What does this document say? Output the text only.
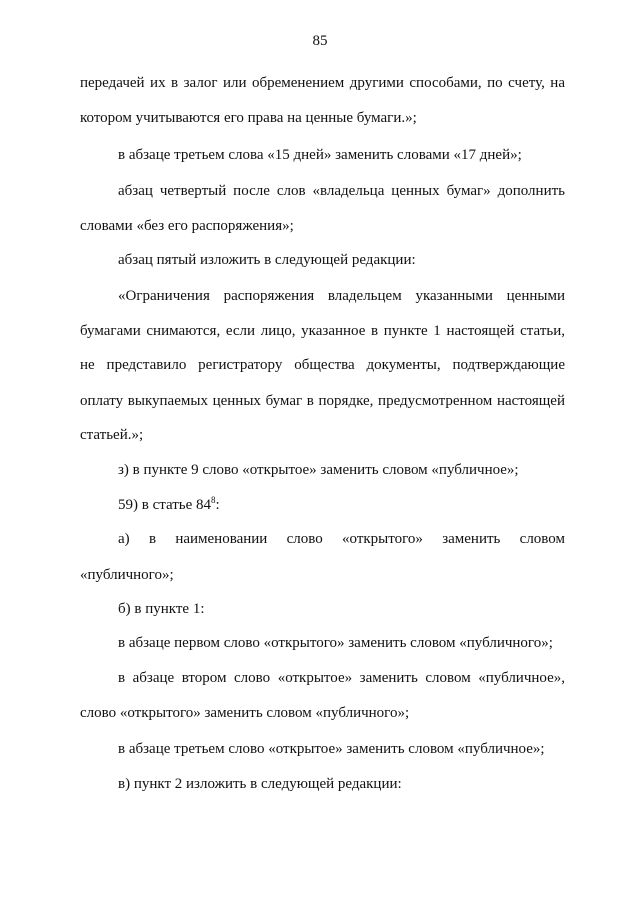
85
передачей их в залог или обременением другими способами, по счету, на
котором учитываются его права на ценные бумаги.»;
в абзаце третьем слова «15 дней» заменить словами «17 дней»;
абзац четвертый после слов «владельца ценных бумаг» дополнить
словами «без его распоряжения»;
абзац пятый изложить в следующей редакции:
«Ограничения распоряжения владельцем указанными ценными
бумагами снимаются, если лицо, указанное в пункте 1 настоящей статьи,
не представило регистратору общества документы, подтверждающие
оплату выкупаемых ценных бумаг в порядке, предусмотренном настоящей
статьей.»;
з) в пункте 9 слово «открытое» заменить словом «публичное»;
59) в статье $84^8$:
а) в наименовании слово «открытого» заменить словом
«публичного»;
б) в пункте 1:
в абзаце первом слово «открытого» заменить словом «публичного»;
в абзаце втором слово «открытое» заменить словом «публичное»,
слово «открытого» заменить словом «публичного»;
в абзаце третьем слово «открытое» заменить словом «публичное»;
в) пункт 2 изложить в следующей редакции:
